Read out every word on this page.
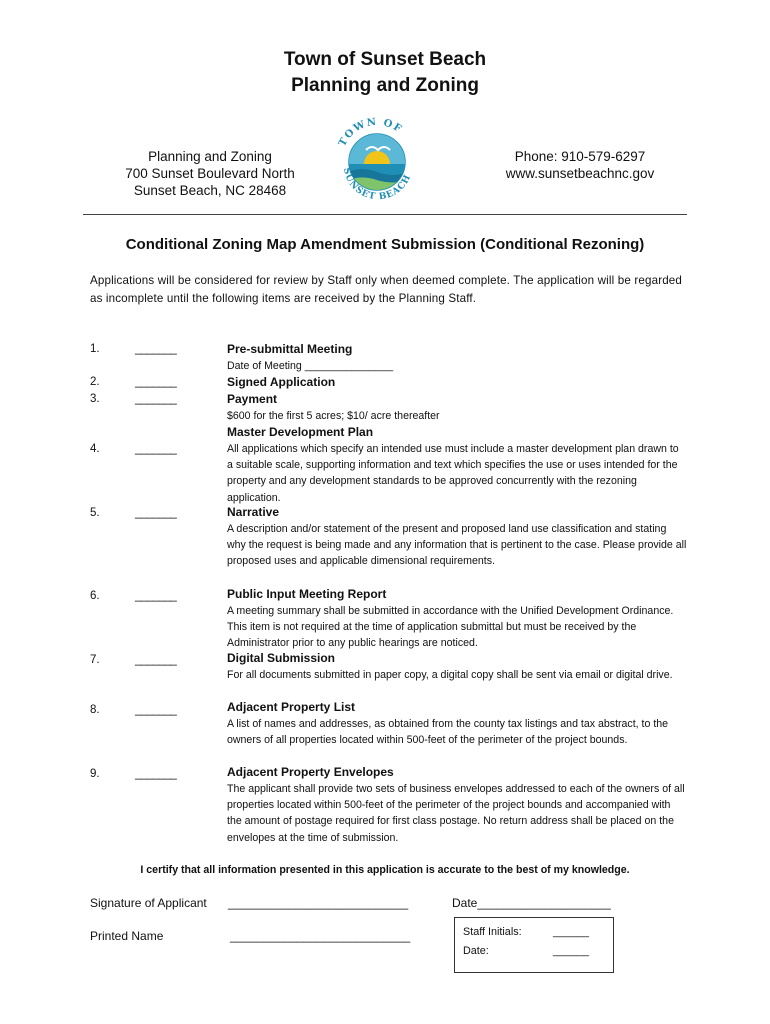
Town of Sunset Beach
Planning and Zoning
Planning and Zoning
700 Sunset Boulevard North
Sunset Beach, NC 28468
Phone: 910-579-6297
www.sunsetbeachnc.gov
TOWN OF
SUNSET BEACH
Conditional Zoning Map Amendment Submission (Conditional Rezoning)
Applications will be considered for review by Staff only when deemed complete. The application will be regarded as incomplete until the following items are received by the Planning Staff.
1.	_______	Pre-submittal Meeting
Date of Meeting _______________
2.	_______	Signed Application
3.	_______	Payment
$600 for the first 5 acres; $10/ acre thereafter
Master Development Plan
4.	_______	All applications which specify an intended use must include a master development plan drawn to a suitable scale, supporting information and text which specifies the use or uses intended for the property and any development standards to be approved concurrently with the rezoning application.
5.	_______	Narrative
A description and/or statement of the present and proposed land use classification and stating why the request is being made and any information that is pertinent to the case. Please provide all proposed uses and applicable dimensional requirements.
6.	_______	Public Input Meeting Report
A meeting summary shall be submitted in accordance with the Unified Development Ordinance. This item is not required at the time of application submittal but must be received by the Administrator prior to any public hearings are noticed.
7.	_______	Digital Submission
For all documents submitted in paper copy, a digital copy shall be sent via email or digital drive.
8.	_______	Adjacent Property List
A list of names and addresses, as obtained from the county tax listings and tax abstract, to the owners of all properties located within 500-feet of the perimeter of the project bounds.
9.	_______	Adjacent Property Envelopes
The applicant shall provide two sets of business envelopes addressed to each of the owners of all properties located within 500-feet of the perimeter of the project bounds and accompanied with the amount of postage required for first class postage. No return address shall be placed on the envelopes at the time of submission.
I certify that all information presented in this application is accurate to the best of my knowledge.
Signature of Applicant ___________________________	Date____________________
Printed Name	___________________________	Staff Initials:	______
Date:	______
